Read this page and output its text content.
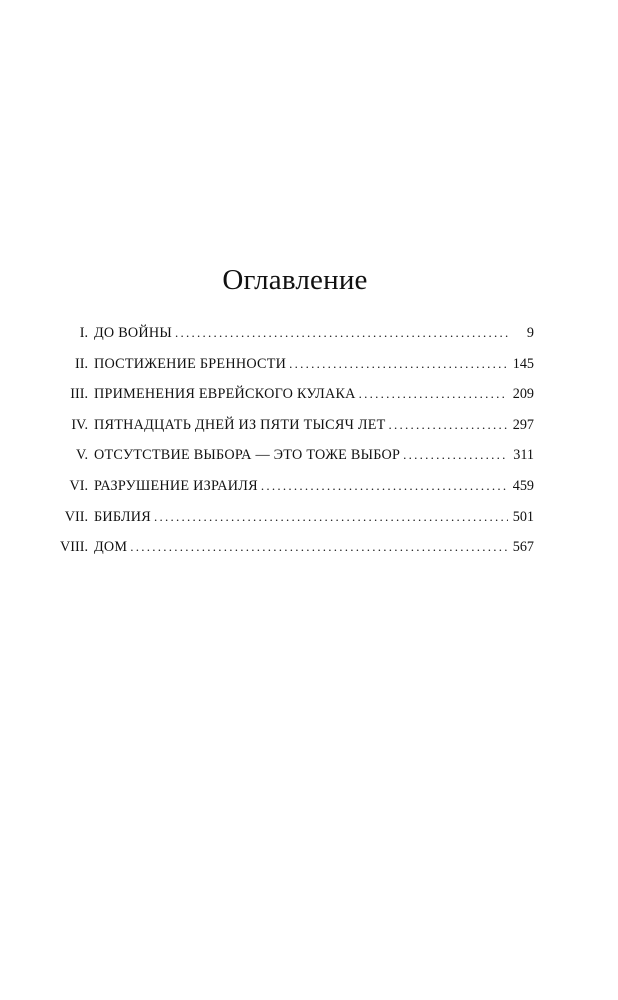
Оглавление
I. ДО ВОЙНЫ . . .	9
II. ПОСТИЖЕНИЕ БРЕННОСТИ . . .	145
III. ПРИМЕНЕНИЯ ЕВРЕЙСКОГО КУЛАКА . . .	209
IV. ПЯТНАДЦАТЬ ДНЕЙ ИЗ ПЯТИ ТЫСЯЧ ЛЕТ . . .	297
V. ОТСУТСТВИЕ ВЫБОРА — ЭТО ТОЖЕ ВЫБОР . . .	311
VI. РАЗРУШЕНИЕ ИЗРАИЛЯ . . .	459
VII. БИБЛИЯ . . .	501
VIII. ДОМ . . .	567
